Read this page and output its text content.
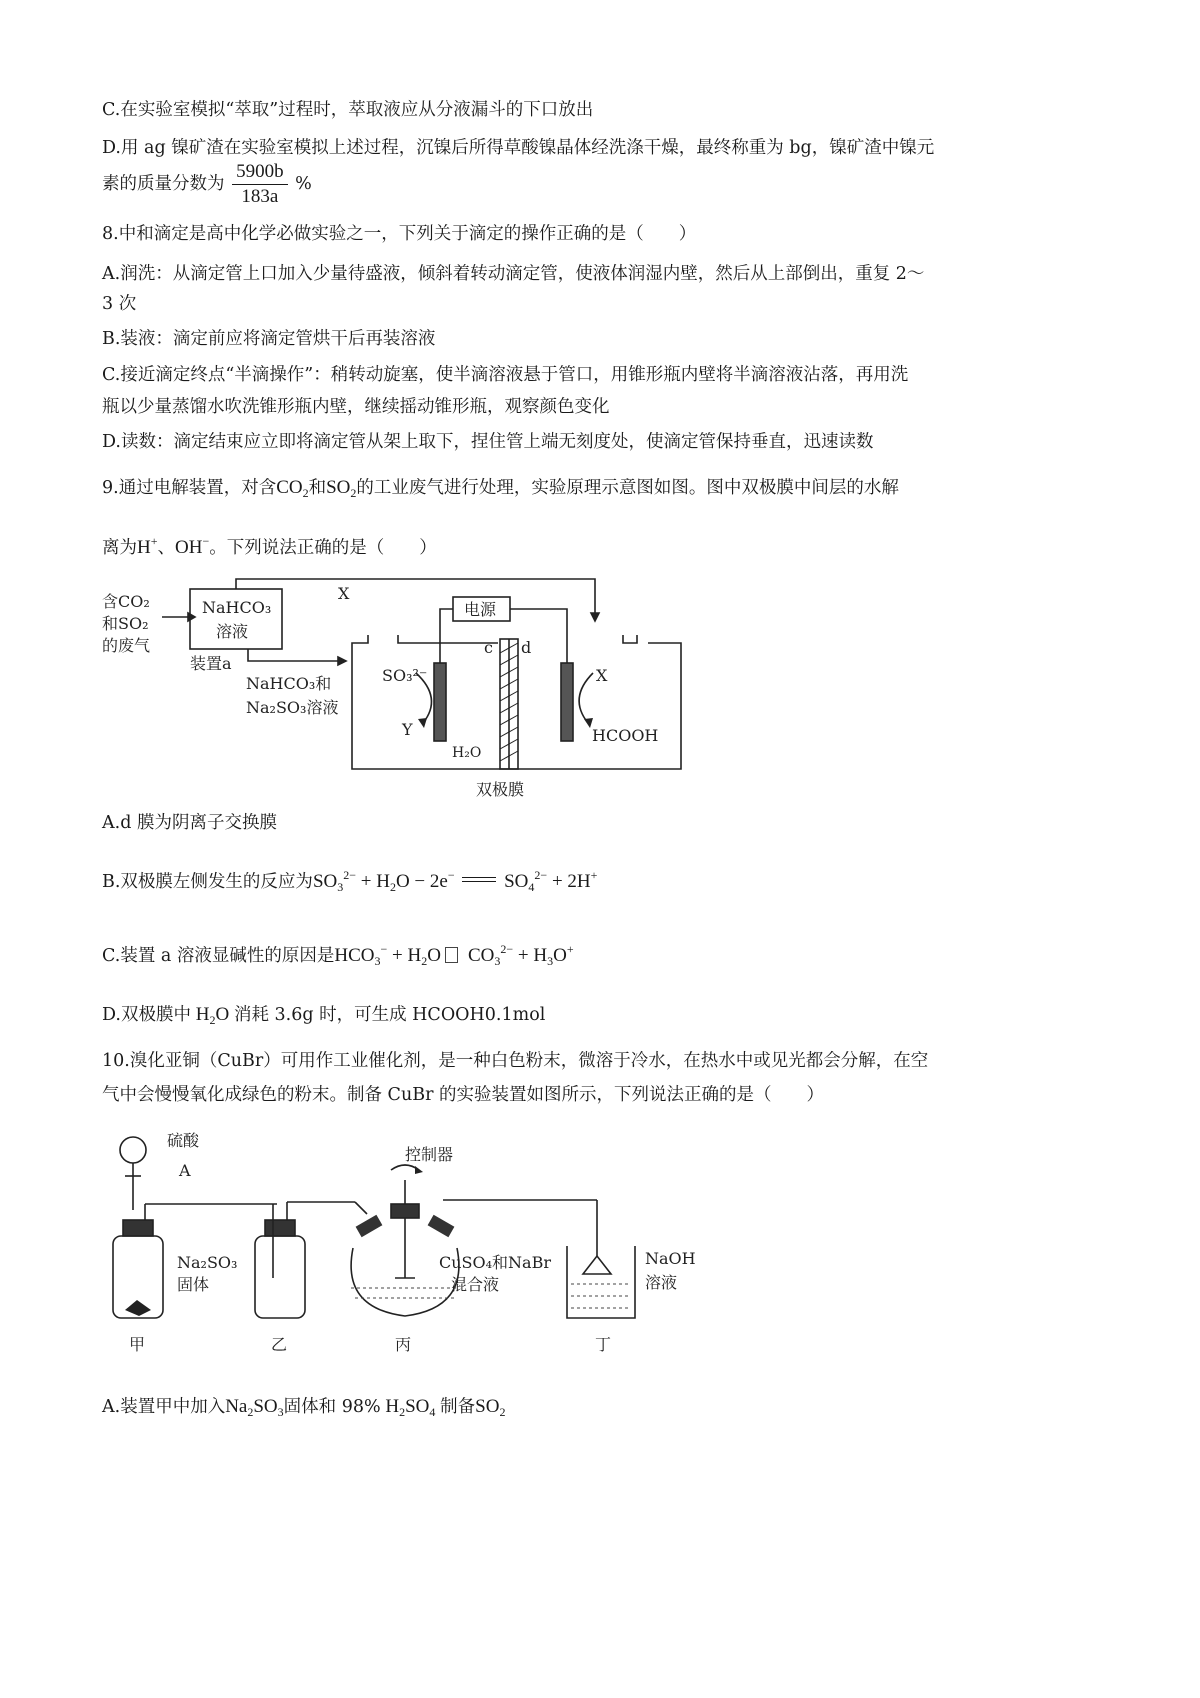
C.在实验室模拟“萃取”过程时，萃取液应从分液漏斗的下口放出
D.用 ag 镍矿渣在实验室模拟上述过程，沉镍后所得草酸镍晶体经洗涤干燥，最终称重为 bg，镍矿渣中镍元
素的质量分数为 $\frac{5900b}{183a}$ %
8.中和滴定是高中化学必做实验之一，下列关于滴定的操作正确的是（　　）
A.润洗：从滴定管上口加入少量待盛液，倾斜着转动滴定管，使液体润湿内壁，然后从上部倒出，重复 2～
3 次
B.装液：滴定前应将滴定管烘干后再装溶液
C.接近滴定终点“半滴操作”：稍转动旋塞，使半滴溶液悬于管口，用锥形瓶内壁将半滴溶液沾落，再用洗
瓶以少量蒸馏水吹洗锥形瓶内壁，继续摇动锥形瓶，观察颜色变化
D.读数：滴定结束应立即将滴定管从架上取下，捏住管上端无刻度处，使滴定管保持垂直，迅速读数
9.通过电解装置，对含$CO_2$和$SO_2$的工业废气进行处理，实验原理示意图如图。图中双极膜中间层的水解
离为H+、OH−。下列说法正确的是（　　）
含CO₂
和SO₂
的废气
NaHCO₃
溶液
装置a
NaHCO₃和
Na₂SO₃溶液
X
电源
c d
SO₃²⁻
Y
H₂O
X
HCOOH
双极膜
A.d 膜为阴离子交换膜
B.双极膜左侧发生的反应为$SO_3^{2-} + H_2O - 2e^-$  $SO_4^{2-} + 2H^+$
C.装置 a 溶液显碱性的原因是$HCO_3^- + H_2O$ $CO_3^{2-} + H_3O^+$
D.双极膜中 $H_2O$ 消耗 3.6g 时，可生成 HCOOH0.1mol
10.溴化亚铜（CuBr）可用作工业催化剂，是一种白色粉末，微溶于冷水，在热水中或见光都会分解，在空
气中会慢慢氧化成绿色的粉末。制备 CuBr 的实验装置如图所示，下列说法正确的是（　　）
硫酸
A
控制器
Na₂SO₃
固体
CuSO₄和NaBr
混合液
NaOH
溶液
甲	乙	丙	丁
A.装置甲中加入$Na_2SO_3$固体和 98% $H_2SO_4$ 制备$SO_2$
